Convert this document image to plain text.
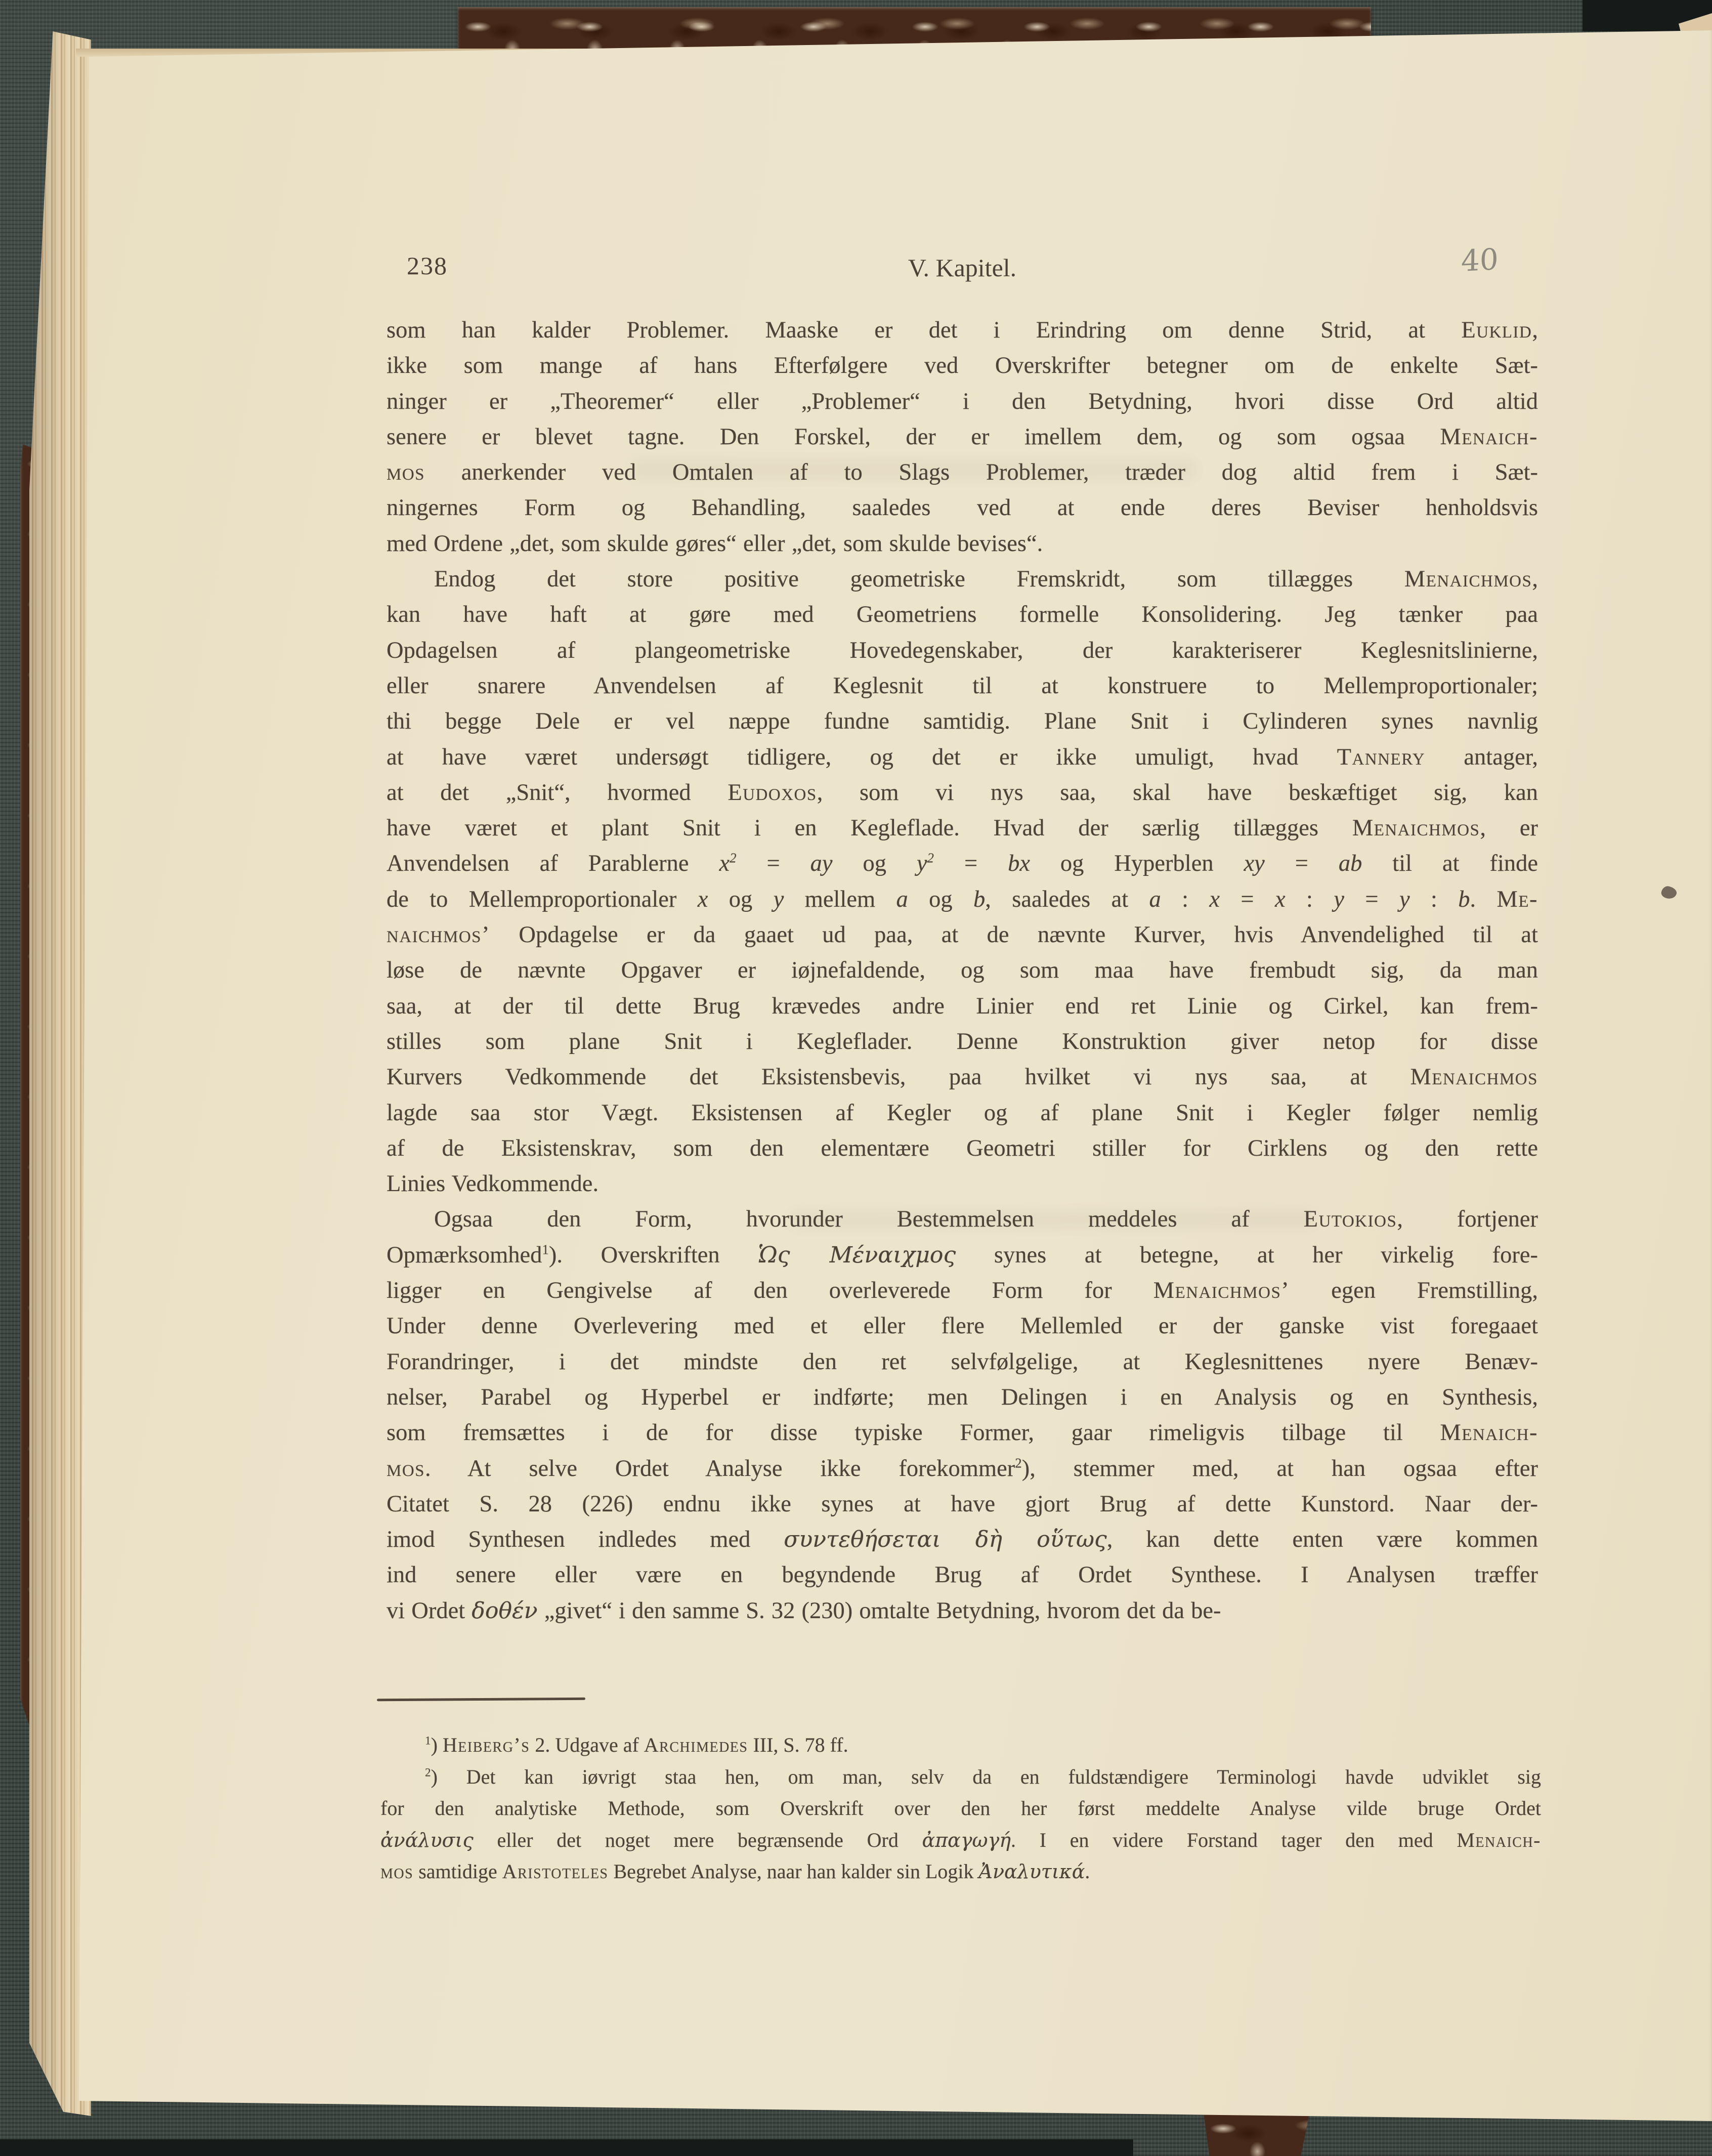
238	V. Kapitel.	40
som han kalder Problemer. Maaske er det i Erindring om denne Strid, at Euklid,
ikke som mange af hans Efterfølgere ved Overskrifter betegner om de enkelte Sæt-
ninger er „Theoremer“ eller „Problemer“ i den Betydning, hvori disse Ord altid
senere er blevet tagne. Den Forskel, der er imellem dem, og som ogsaa Menaich-
mos anerkender ved Omtalen af to Slags Problemer, træder dog altid frem i Sæt-
ningernes Form og Behandling, saaledes ved at ende deres Beviser henholdsvis
med Ordene „det, som skulde gøres“ eller „det, som skulde bevises“.
Endog det store positive geometriske Fremskridt, som tillægges Menaichmos,
kan have haft at gøre med Geometriens formelle Konsolidering. Jeg tænker paa
Opdagelsen af plangeometriske Hovedegenskaber, der karakteriserer Keglesnitslinierne,
eller snarere Anvendelsen af Keglesnit til at konstruere to Mellemproportionaler;
thi begge Dele er vel næppe fundne samtidig. Plane Snit i Cylinderen synes navnlig
at have været undersøgt tidligere, og det er ikke umuligt, hvad Tannery antager,
at det „Snit“, hvormed Eudoxos, som vi nys saa, skal have beskæftiget sig, kan
have været et plant Snit i en Kegleflade. Hvad der særlig tillægges Menaichmos, er
Anvendelsen af Parablerne $x^2$ = ay og $y^2$ = bx og Hyperblen xy = ab til at finde
de to Mellemproportionaler x og y mellem a og b, saaledes at a : x = x : y = y : b. Me-
naichmos’ Opdagelse er da gaaet ud paa, at de nævnte Kurver, hvis Anvendelighed til at
løse de nævnte Opgaver er iøjnefaldende, og som maa have frembudt sig, da man
saa, at der til dette Brug krævedes andre Linier end ret Linie og Cirkel, kan frem-
stilles som plane Snit i Kegleflader. Denne Konstruktion giver netop for disse
Kurvers Vedkommende det Eksistensbevis, paa hvilket vi nys saa, at Menaichmos
lagde saa stor Vægt. Eksistensen af Kegler og af plane Snit i Kegler følger nemlig
af de Eksistenskrav, som den elementære Geometri stiller for Cirklens og den rette
Linies Vedkommende.
Ogsaa den Form, hvorunder Bestemmelsen meddeles af Eutokios, fortjener
Opmærksomhed$^1$). Overskriften Ὡς Μέναιχμος synes at betegne, at her virkelig fore-
ligger en Gengivelse af den overleverede Form for Menaichmos’ egen Fremstilling,
Under denne Overlevering med et eller flere Mellemled er der ganske vist foregaaet
Forandringer, i det mindste den ret selvfølgelige, at Keglesnittenes nyere Benæv-
nelser, Parabel og Hyperbel er indførte; men Delingen i en Analysis og en Synthesis,
som fremsættes i de for disse typiske Former, gaar rimeligvis tilbage til Menaich-
mos. At selve Ordet Analyse ikke forekommer$^2$), stemmer med, at han ogsaa efter
Citatet S. 28 (226) endnu ikke synes at have gjort Brug af dette Kunstord. Naar der-
imod Synthesen indledes med συντεθήσεται δὴ οὕτως, kan dette enten være kommen
ind senere eller være en begyndende Brug af Ordet Synthese. I Analysen træffer
vi Ordet δοθέν „givet“ i den samme S. 32 (230) omtalte Betydning, hvorom det da be-
$^1$) Heiberg’s 2. Udgave af Archimedes III, S. 78 ff.
$^2$) Det kan iøvrigt staa hen, om man, selv da en fuldstændigere Terminologi havde udviklet sig
for den analytiske Methode, som Overskrift over den her først meddelte Analyse vilde bruge Ordet
ἀνάλυσις eller det noget mere begrænsende Ord ἀπαγωγή. I en videre Forstand tager den med Menaich-
mos samtidige Aristoteles Begrebet Analyse, naar han kalder sin Logik Ἀναλυτικά.
